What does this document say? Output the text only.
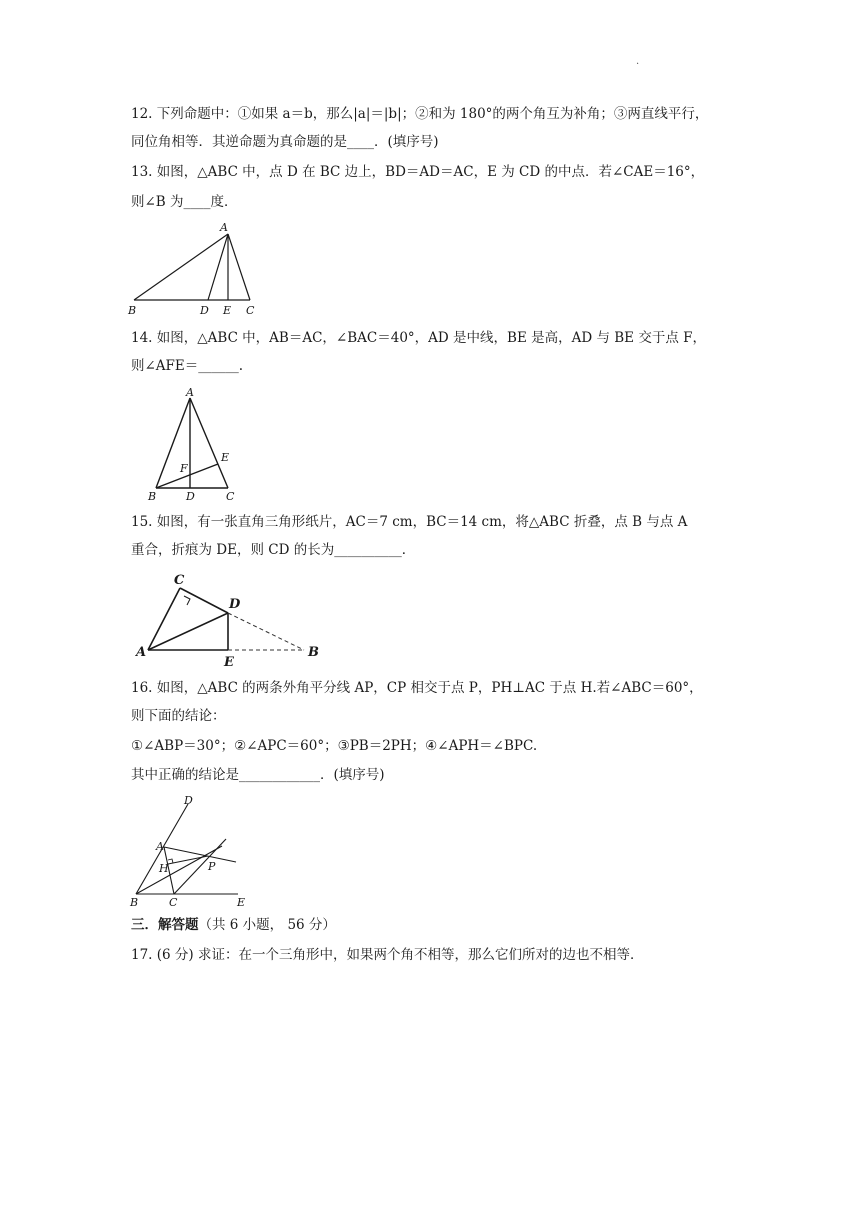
.
12. 下列命题中：①如果 a＝b，那么|a|＝|b|；②和为 180°的两个角互为补角；③两直线平行，
同位角相等．其逆命题为真命题的是____．(填序号)
13. 如图，△ABC 中，点 D 在 BC 边上，BD＝AD＝AC，E 为 CD 的中点．若∠CAE＝16°，
则∠B 为____度．
A
B	D E C
14. 如图，△ABC 中，AB＝AC，∠BAC＝40°，AD 是中线，BE 是高，AD 与 BE 交于点 F，
则∠AFE＝______.
A
B	D	C
E
F
15. 如图，有一张直角三角形纸片，AC＝7 cm，BC＝14 cm，将△ABC 折叠，点 B 与点 A
重合，折痕为 DE，则 CD 的长为__________．
C
D
A
E
B
16. 如图，△ABC 的两条外角平分线 AP，CP 相交于点 P，PH⊥AC 于点 H.若∠ABC＝60°，
则下面的结论：
①∠ABP＝30°；②∠APC＝60°；③PB＝2PH；④∠APH＝∠BPC.
其中正确的结论是____________．(填序号)
D
A
H	P
B	C	E
三．解答题（共 6 小题， 56 分）
17. (6 分) 求证：在一个三角形中，如果两个角不相等，那么它们所对的边也不相等．
